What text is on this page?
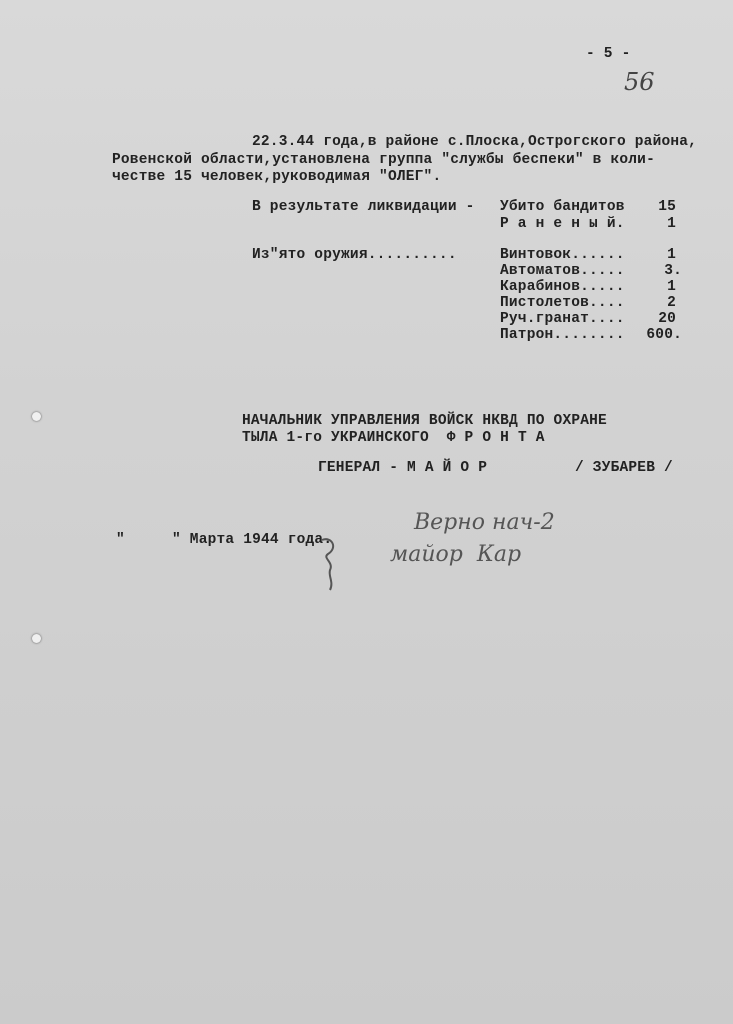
- 5 -
56
22.3.44 года,в районе с.Плоска,Острогского района,
Ровенской области,установлена группа "службы беспеки" в коли-
честве 15 человек,руководимая "ОЛЕГ".
В результате ликвидации - Убито бандитов	15
Р а н е н ы й.	1
Из"ято оружия..........	Винтовок......	1
Автоматов.....	3.
Карабинов.....	1
Пистолетов....	2
Руч.гранат....	20
Патрон........	600.
НАЧАЛЬНИК УПРАВЛЕНИЯ ВОЙСК НКВД ПО ОХРАНЕ
ТЫЛА 1-го УКРАИНСКОГО  Ф Р О Н Т А
ГЕНЕРАЛ - М А Й О Р	/ ЗУБАРЕВ /
"	" Марта 1944 года.
Верно нач-2
майор  Кар
